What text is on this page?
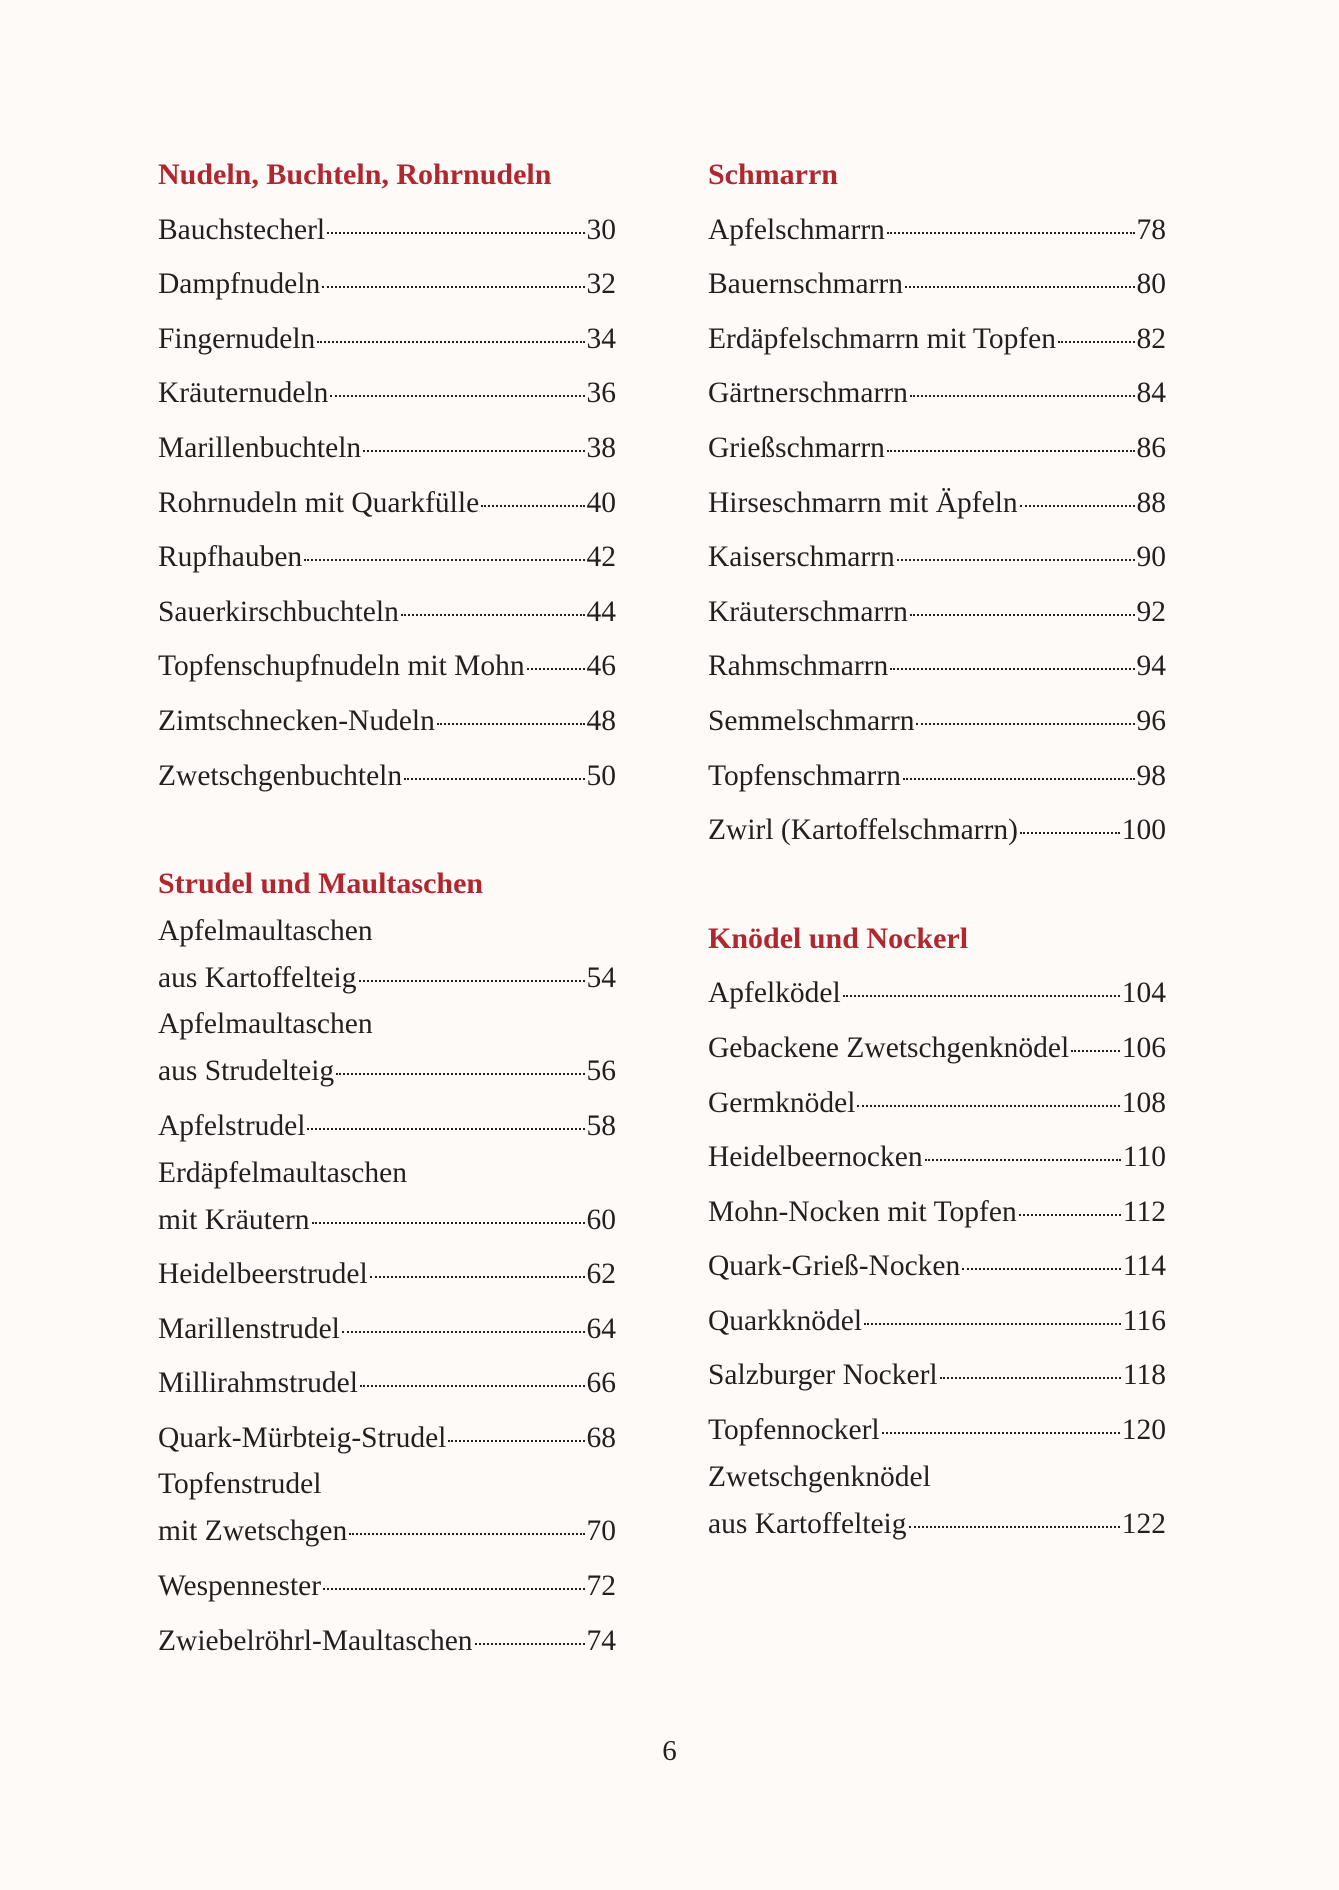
Nudeln, Buchteln, Rohrnudeln
Bauchstecherl	30
Dampfnudeln	32
Fingernudeln	34
Kräuternudeln	36
Marillenbuchteln	38
Rohrnudeln mit Quarkfülle	40
Rupfhauben	42
Sauerkirschbuchteln	44
Topfenschupfnudeln mit Mohn 46
Zimtschnecken-Nudeln	48
Zwetschgenbuchteln	50
Strudel und Maultaschen
Apfelmaultaschen
aus Kartoffelteig	54
Apfelmaultaschen
aus Strudelteig	56
Apfelstrudel	58
Erdäpfelmaultaschen
mit Kräutern	60
Heidelbeerstrudel	62
Marillenstrudel	64
Millirahmstrudel	66
Quark-Mürbteig-Strudel	68
Topfenstrudel
mit Zwetschgen	70
Wespennester	72
Zwiebelröhrl-Maultaschen	74
Schmarrn
Apfelschmarrn	78
Bauernschmarrn	80
Erdäpfelschmarrn mit Topfen	82
Gärtnerschmarrn	84
Grießschmarrn	86
Hirseschmarrn mit Äpfeln	88
Kaiserschmarrn	90
Kräuterschmarrn	92
Rahmschmarrn	94
Semmelschmarrn	96
Topfenschmarrn	98
Zwirl (Kartoffelschmarrn)	100
Knödel und Nockerl
Apfelködel	104
Gebackene Zwetschgenknödel 106
Germknödel	108
Heidelbeernocken	110
Mohn-Nocken mit Topfen	112
Quark-Grieß-Nocken	114
Quarkknödel	116
Salzburger Nockerl	118
Topfennockerl	120
Zwetschgenknödel
aus Kartoffelteig	122
6
